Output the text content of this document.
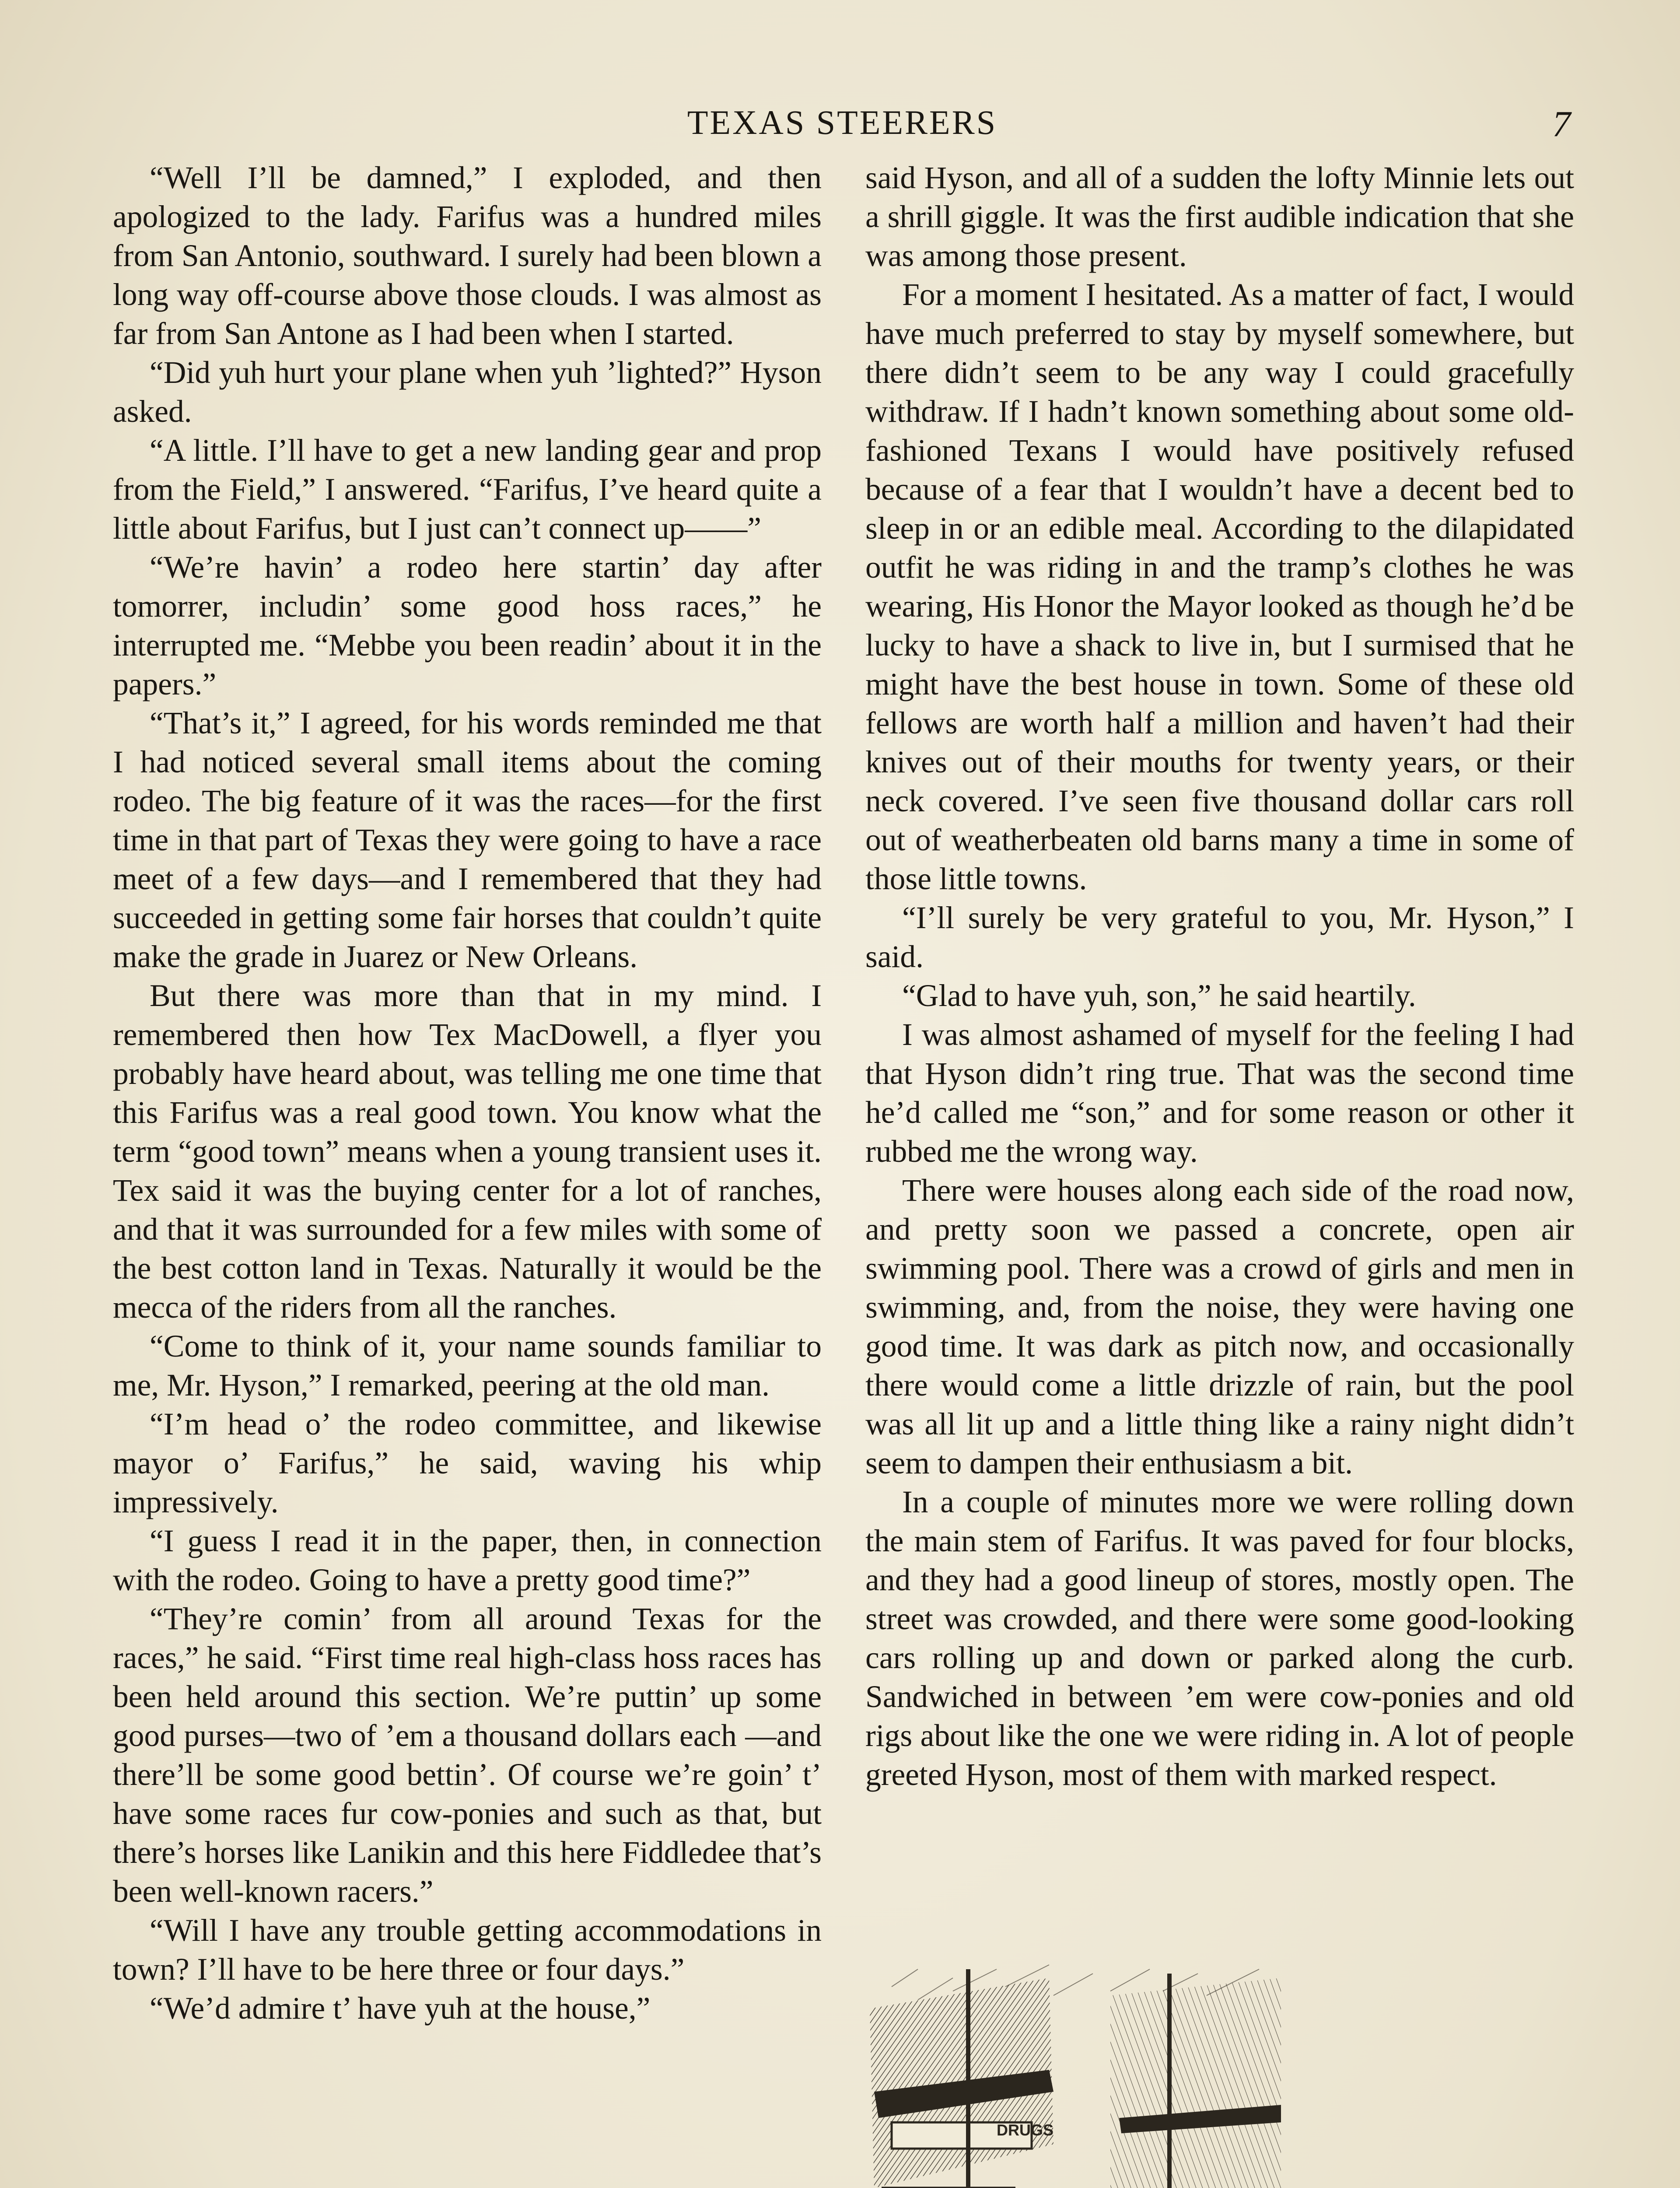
TEXAS STEERERS	7

“Well I’ll be damned,” I exploded, and then apologized to the lady. Farifus was a hundred miles from San Antonio, southward. I surely had been blown a long way off-course above those clouds. I was almost as far from San Antone as I had been when I started.

“Did yuh hurt your plane when yuh ’lighted?” Hyson asked.

“A little. I’ll have to get a new landing gear and prop from the Field,” I answered. “Farifus, I’ve heard quite a little about Farifus, but I just can’t connect up——”

“We’re havin’ a rodeo here startin’ day after tomorrer, includin’ some good hoss races,” he interrupted me. “Mebbe you been readin’ about it in the papers.”

“That’s it,” I agreed, for his words reminded me that I had noticed several small items about the coming rodeo. The big feature of it was the races—for the first time in that part of Texas they were going to have a race meet of a few days—and I remembered that they had succeeded in getting some fair horses that couldn’t quite make the grade in Juarez or New Orleans.

But there was more than that in my mind. I remembered then how Tex MacDowell, a flyer you probably have heard about, was telling me one time that this Farifus was a real good town. You know what the term “good town” means when a young transient uses it. Tex said it was the buying center for a lot of ranches, and that it was surrounded for a few miles with some of the best cotton land in Texas. Naturally it would be the mecca of the riders from all the ranches.

“Come to think of it, your name sounds familiar to me, Mr. Hyson,” I remarked, peering at the old man.

“I’m head o’ the rodeo committee, and likewise mayor o’ Farifus,” he said, waving his whip impressively.

“I guess I read it in the paper, then, in connection with the rodeo. Going to have a pretty good time?”

“They’re comin’ from all around Texas for the races,” he said. “First time real high-class hoss races has been held around this section. We’re puttin’ up some good purses—two of ’em a thousand dollars each —and there’ll be some good bettin’. Of course we’re goin’ t’ have some races fur cow-ponies and such as that, but there’s horses like Lanikin and this here Fiddledee that’s been well-known racers.”

“Will I have any trouble getting accommodations in town? I’ll have to be here three or four days.”

“We’d admire t’ have yuh at the house,”

said Hyson, and all of a sudden the lofty Minnie lets out a shrill giggle. It was the first audible indication that she was among those present.

For a moment I hesitated. As a matter of fact, I would have much preferred to stay by myself somewhere, but there didn’t seem to be any way I could gracefully withdraw. If I hadn’t known something about some old-fashioned Texans I would have positively refused because of a fear that I wouldn’t have a decent bed to sleep in or an edible meal. According to the dilapidated outfit he was riding in and the tramp’s clothes he was wearing, His Honor the Mayor looked as though he’d be lucky to have a shack to live in, but I surmised that he might have the best house in town. Some of these old fellows are worth half a million and haven’t had their knives out of their mouths for twenty years, or their neck covered. I’ve seen five thousand dollar cars roll out of weatherbeaten old barns many a time in some of those little towns.

“I’ll surely be very grateful to you, Mr. Hyson,” I said.

“Glad to have yuh, son,” he said heartily.

I was almost ashamed of myself for the feeling I had that Hyson didn’t ring true. That was the second time he’d called me “son,” and for some reason or other it rubbed me the wrong way.

There were houses along each side of the road now, and pretty soon we passed a concrete, open air swimming pool. There was a crowd of girls and men in swimming, and, from the noise, they were having one good time. It was dark as pitch now, and occasionally there would come a little drizzle of rain, but the pool was all lit up and a little thing like a rainy night didn’t seem to dampen their enthusiasm a bit.

In a couple of minutes more we were rolling down the main stem of Farifus. It was paved for four blocks, and they had a good lineup of stores, mostly open. The street was crowded, and there were some good-looking cars rolling up and down or parked along the curb. Sandwiched in between ’em were cow-ponies and old rigs about like the one we were riding in. A lot of people greeted Hyson, most of them with marked respect.

DRUGS
